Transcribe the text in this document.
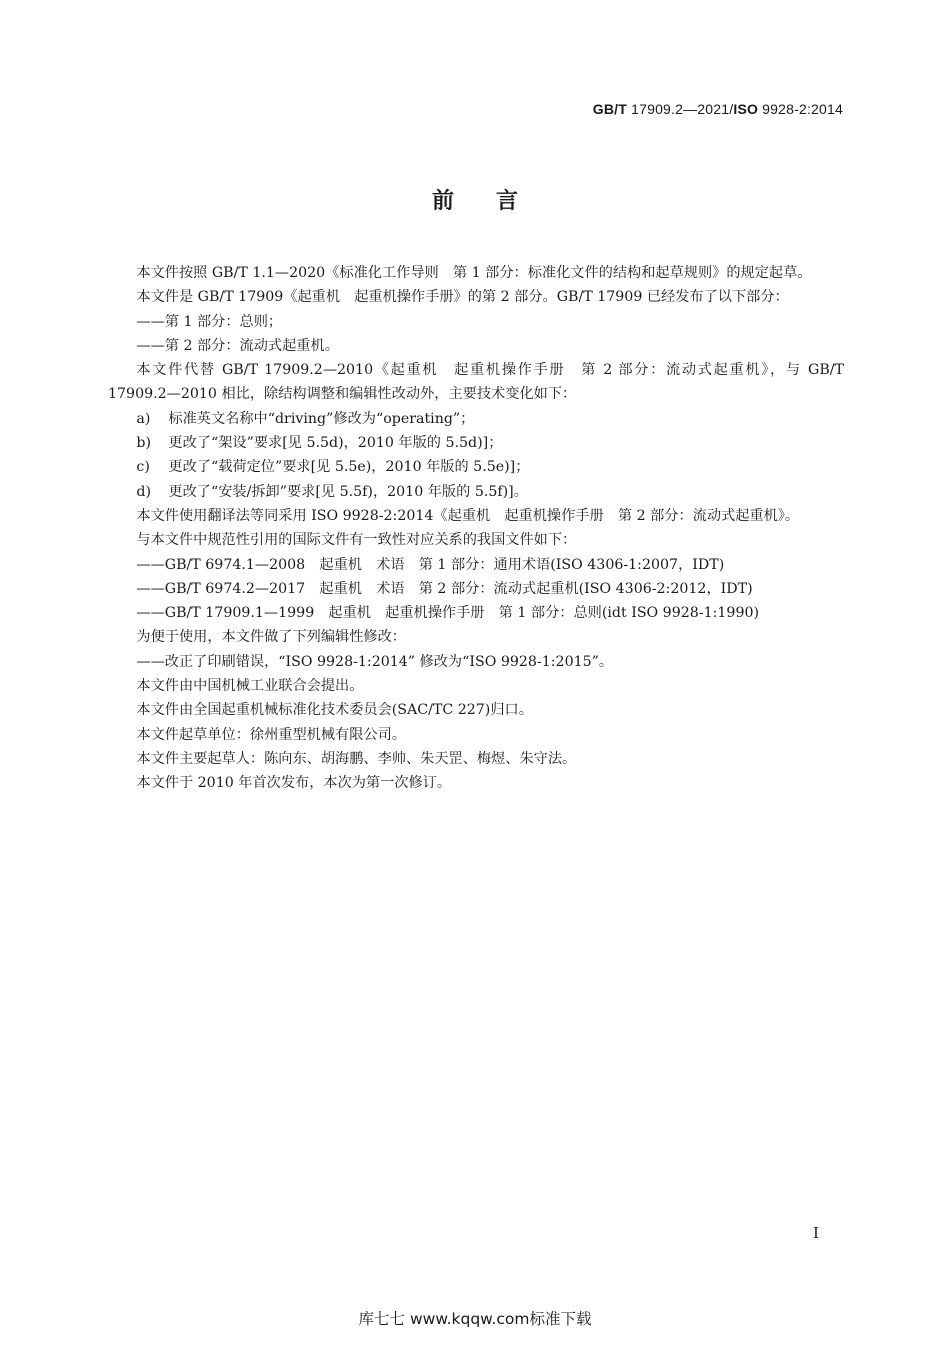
GB/T 17909.2—2021/ISO 9928-2:2014
前言

本文件按照 GB/T 1.1—2020《标准化工作导则　第 1 部分：标准化文件的结构和起草规则》的规定起草。

本文件是 GB/T 17909《起重机　起重机操作手册》的第 2 部分。GB/T 17909 已经发布了以下部分：

——第 1 部分：总则；

——第 2 部分：流动式起重机。

本文件代替 GB/T 17909.2—2010《起重机　起重机操作手册　第 2 部分：流动式起重机》，与 GB/T 17909.2—2010 相比，除结构调整和编辑性改动外，主要技术变化如下：

a)	标准英文名称中“driving”修改为“operating”；
b)	更改了“架设”要求[见 5.5d)，2010 年版的 5.5d)]；
c)	更改了“载荷定位”要求[见 5.5e)，2010 年版的 5.5e)]；
d)	更改了“安装/拆卸”要求[见 5.5f)，2010 年版的 5.5f)]。

本文件使用翻译法等同采用 ISO 9928-2:2014《起重机　起重机操作手册　第 2 部分：流动式起重机》。

与本文件中规范性引用的国际文件有一致性对应关系的我国文件如下：

——GB/T 6974.1—2008　起重机　术语　第 1 部分：通用术语(ISO 4306-1:2007，IDT)

——GB/T 6974.2—2017　起重机　术语　第 2 部分：流动式起重机(ISO 4306-2:2012，IDT)

——GB/T 17909.1—1999　起重机　起重机操作手册　第 1 部分：总则(idt ISO 9928-1:1990)

为便于使用，本文件做了下列编辑性修改：

——改正了印刷错误，“ISO 9928-1:2014” 修改为“ISO 9928-1:2015”。

本文件由中国机械工业联合会提出。

本文件由全国起重机械标准化技术委员会(SAC/TC 227)归口。

本文件起草单位：徐州重型机械有限公司。

本文件主要起草人：陈向东、胡海鹏、李帅、朱天罡、梅煜、朱守法。

本文件于 2010 年首次发布，本次为第一次修订。

I
库七七 www.kqqw.com标准下载
